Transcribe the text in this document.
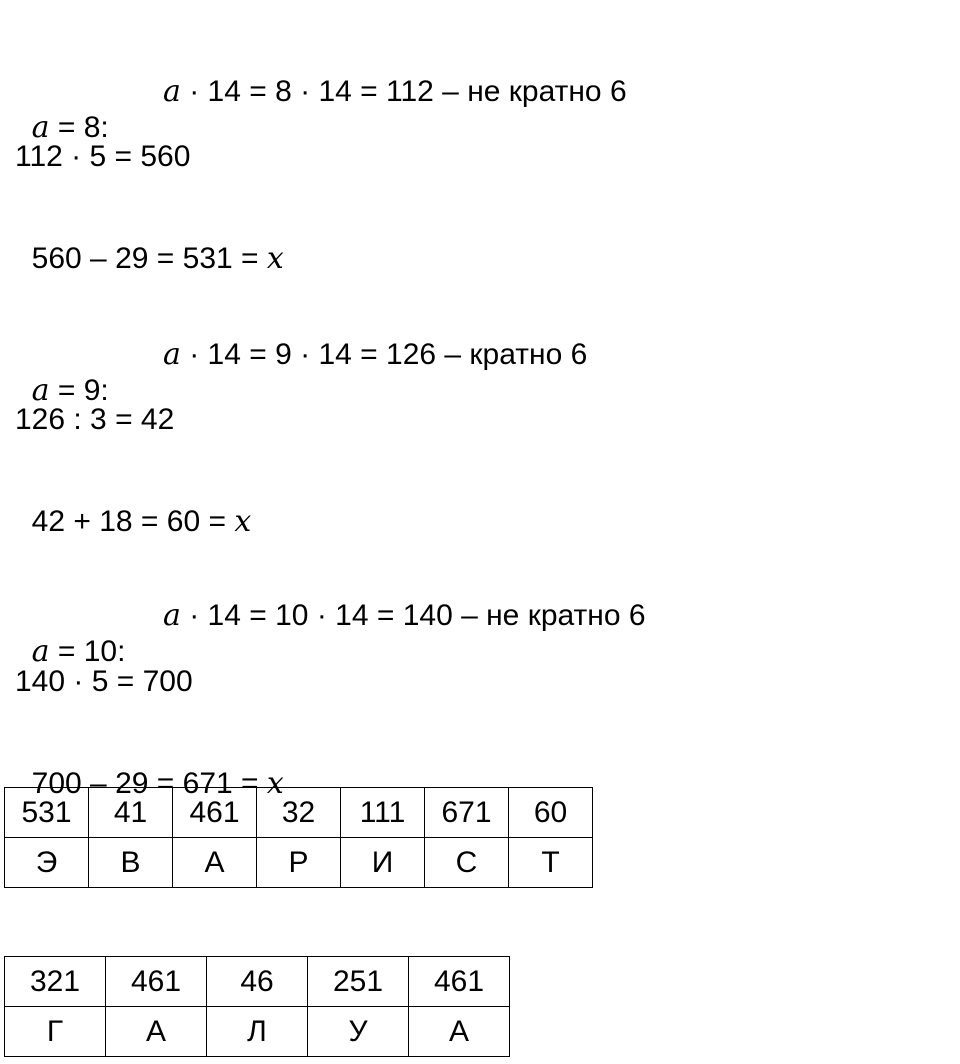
a = 8:

a · 14 = 8 · 14 = 112 – не кратно 6

112 · 5 = 560

560 – 29 = 531 = x

a = 9:

a · 14 = 9 · 14 = 126 – кратно 6

126 : 3 = 42

42 + 18 = 60 = x

a = 10:

a · 14 = 10 · 14 = 140 – не кратно 6

140 · 5 = 700

700 – 29 = 671 = x

531	41	461	32	111	671	60
Э	В	А	Р	И	С	Т
321	461	46	251	461
Г	А	Л	У	А
